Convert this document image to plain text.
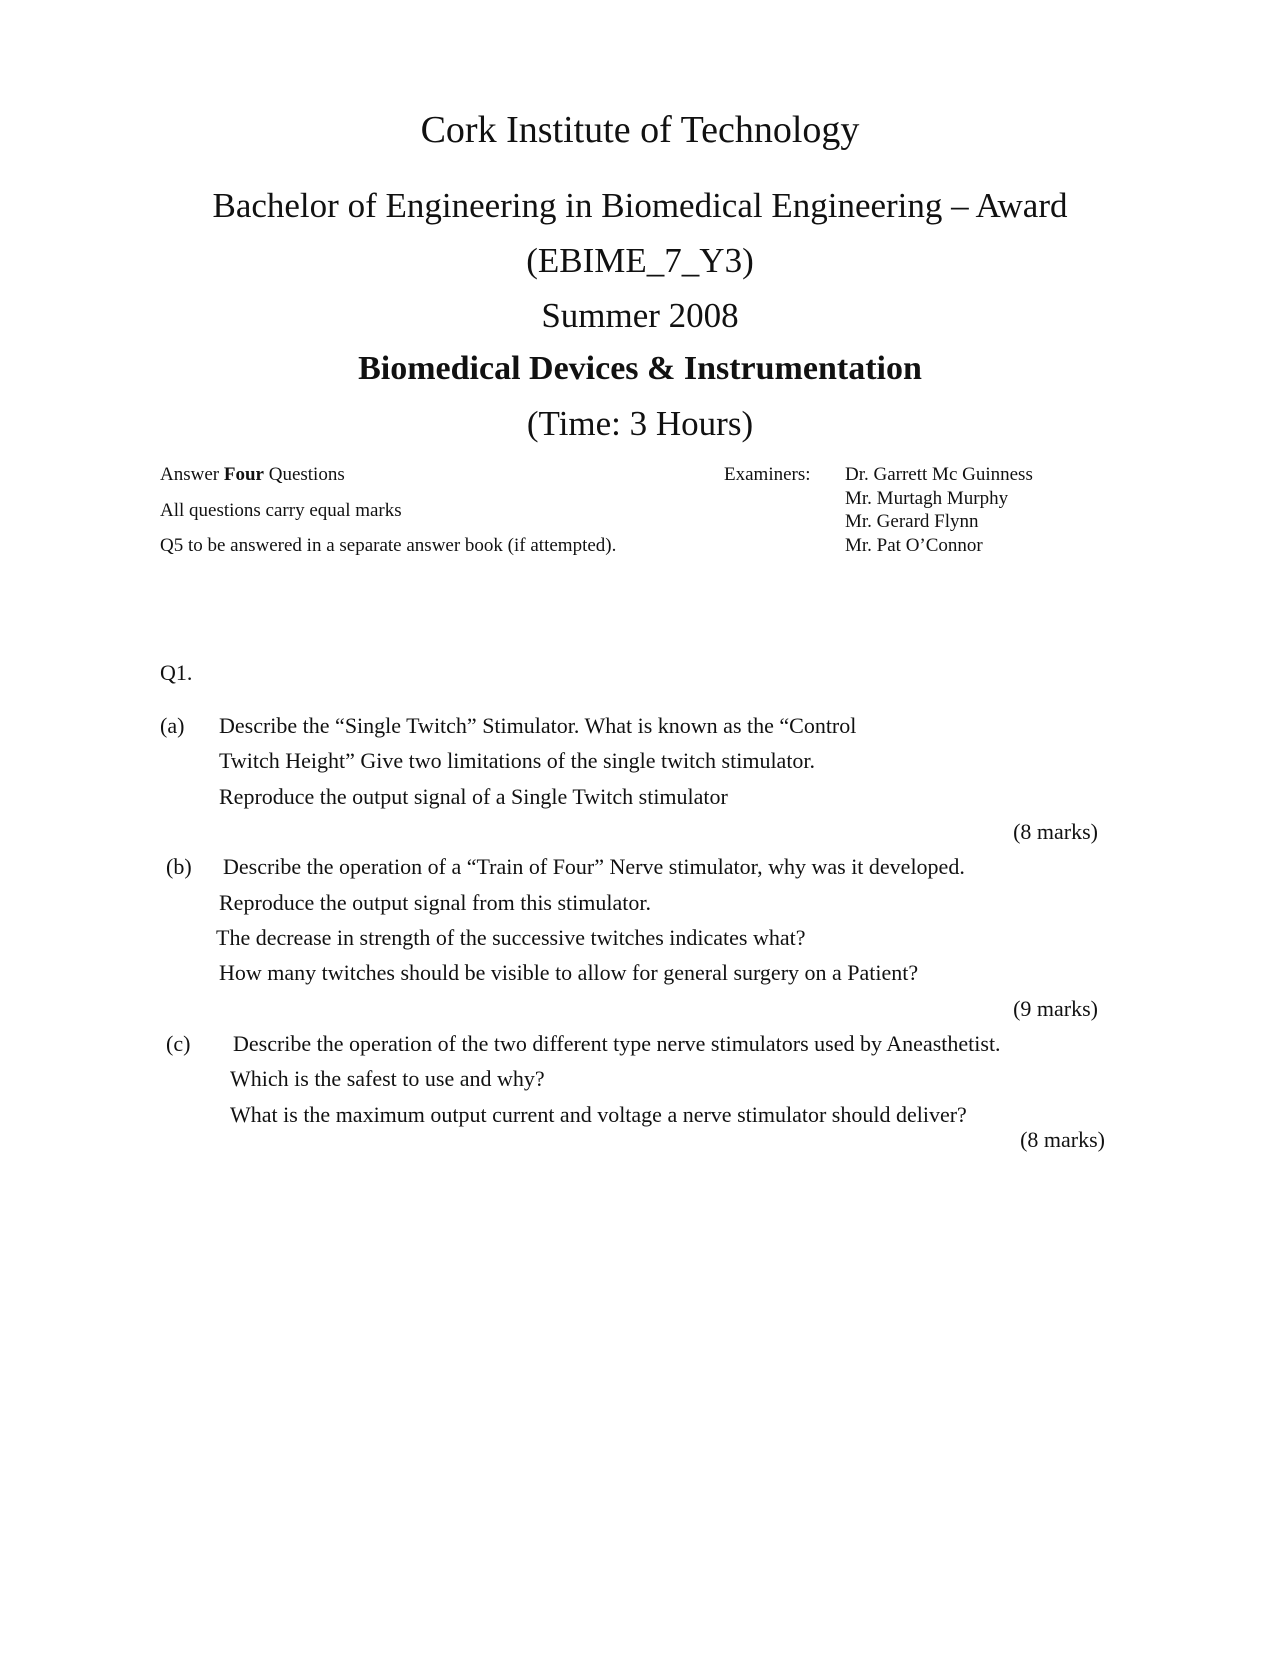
Cork Institute of Technology
Bachelor of Engineering in Biomedical Engineering – Award
(EBIME_7_Y3)
Summer 2008
Biomedical Devices & Instrumentation
(Time: 3 Hours)
Answer Four Questions
All questions carry equal marks
Q5 to be answered in a separate answer book (if attempted).
Examiners: Dr. Garrett Mc Guinness
Mr. Murtagh Murphy
Mr. Gerard Flynn
Mr. Pat O’Connor
Q1.
(a) Describe the “Single Twitch” Stimulator. What is known as the “Control
Twitch Height” Give two limitations of the single twitch stimulator.
Reproduce the output signal of a Single Twitch stimulator
(8 marks)
(b) Describe the operation of a “Train of Four” Nerve stimulator, why was it developed.
Reproduce the output signal from this stimulator.
The decrease in strength of the successive twitches indicates what?
How many twitches should be visible to allow for general surgery on a Patient?
(9 marks)
(c) Describe the operation of the two different type nerve stimulators used by Aneasthetist.
Which is the safest to use and why?
What is the maximum output current and voltage a nerve stimulator should deliver?
(8 marks)
